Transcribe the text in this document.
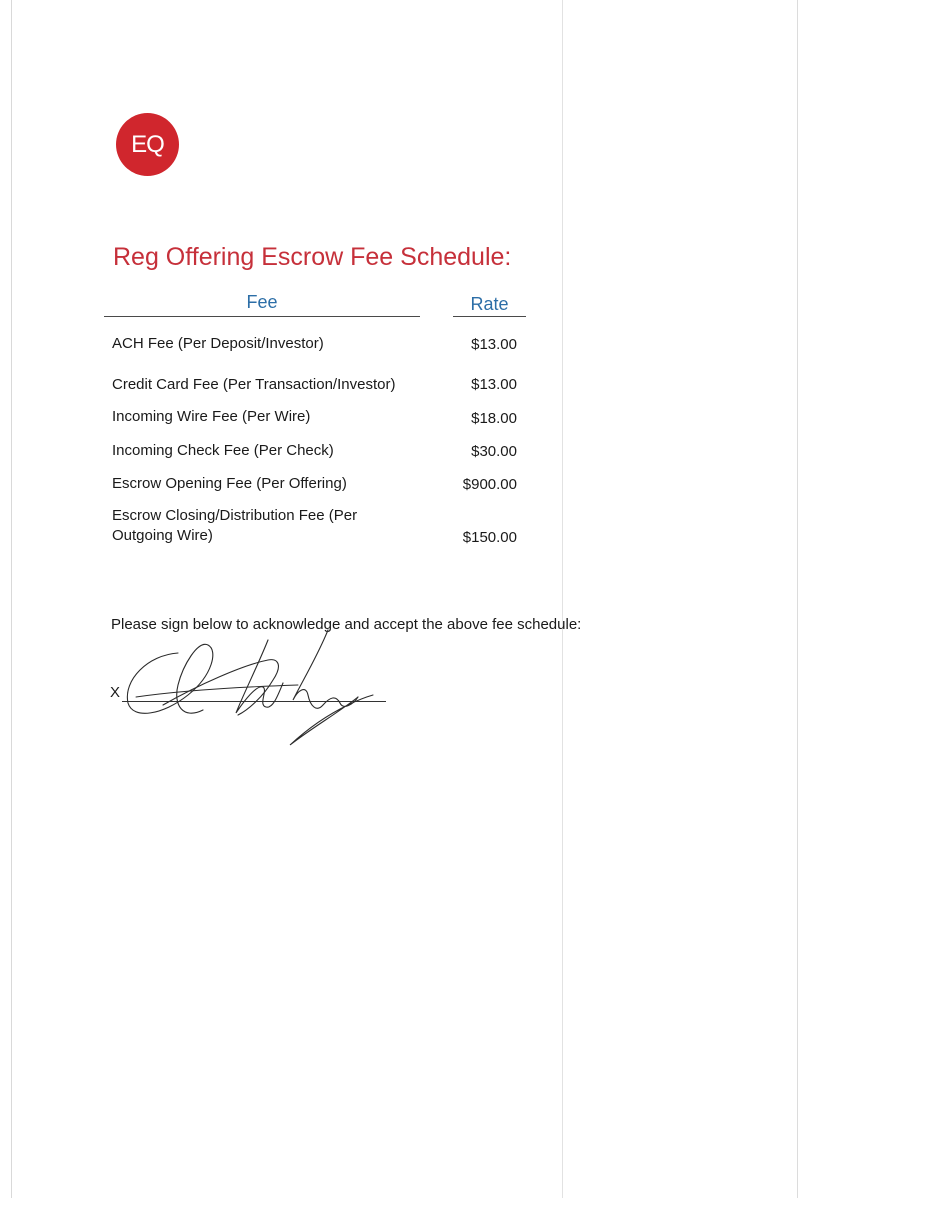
EQ
Reg Offering Escrow Fee Schedule:
Fee	Rate
ACH Fee (Per Deposit/Investor)	$13.00
Credit Card Fee (Per Transaction/Investor)	$13.00
Incoming Wire Fee (Per Wire)	$18.00
Incoming Check Fee (Per Check)	$30.00
Escrow Opening Fee (Per Offering)	$900.00
Escrow Closing/Distribution Fee (Per Outgoing Wire)	$150.00
Please sign below to acknowledge and accept the above fee schedule:
X
